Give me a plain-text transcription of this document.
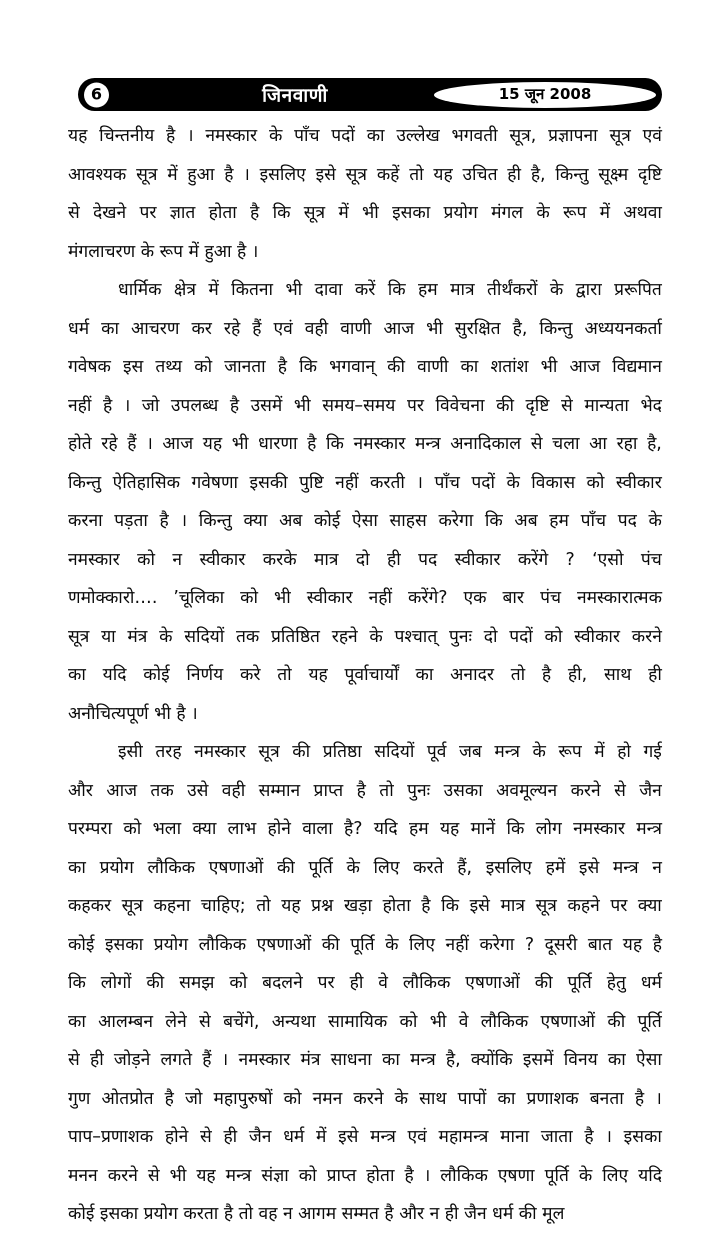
6	जिनवाणी	15 जून 2008
यह चिन्तनीय है । नमस्कार के पाँच पदों का उल्लेख भगवती सूत्र, प्रज्ञापना सूत्र एवं
आवश्यक सूत्र में हुआ है । इसलिए इसे सूत्र कहें तो यह उचित ही है, किन्तु सूक्ष्म दृष्टि
से देखने पर ज्ञात होता है कि सूत्र में भी इसका प्रयोग मंगल के रूप में अथवा
मंगलाचरण के रूप में हुआ है ।
धार्मिक क्षेत्र में कितना भी दावा करें कि हम मात्र तीर्थंकरों के द्वारा प्ररूपित
धर्म का आचरण कर रहे हैं एवं वही वाणी आज भी सुरक्षित है, किन्तु अध्ययनकर्ता
गवेषक इस तथ्य को जानता है कि भगवान् की वाणी का शतांश भी आज विद्यमान
नहीं है । जो उपलब्ध है उसमें भी समय–समय पर विवेचना की दृष्टि से मान्यता भेद
होते रहे हैं । आज यह भी धारणा है कि नमस्कार मन्त्र अनादिकाल से चला आ रहा है,
किन्तु ऐतिहासिक गवेषणा इसकी पुष्टि नहीं करती । पाँच पदों के विकास को स्वीकार
करना पड़ता है । किन्तु क्या अब कोई ऐसा साहस करेगा कि अब हम पाँच पद के
नमस्कार को न स्वीकार करके मात्र दो ही पद स्वीकार करेंगे ? ‘एसो पंच
णमोक्कारो…. ’चूलिका को भी स्वीकार नहीं करेंगे? एक बार पंच नमस्कारात्मक
सूत्र या मंत्र के सदियों तक प्रतिष्ठित रहने के पश्चात् पुनः दो पदों को स्वीकार करने
का यदि कोई निर्णय करे तो यह पूर्वाचार्यों का अनादर तो है ही, साथ ही
अनौचित्यपूर्ण भी है ।
इसी तरह नमस्कार सूत्र की प्रतिष्ठा सदियों पूर्व जब मन्त्र के रूप में हो गई
और आज तक उसे वही सम्मान प्राप्त है तो पुनः उसका अवमूल्यन करने से जैन
परम्परा को भला क्या लाभ होने वाला है? यदि हम यह मानें कि लोग नमस्कार मन्त्र
का प्रयोग लौकिक एषणाओं की पूर्ति के लिए करते हैं, इसलिए हमें इसे मन्त्र न
कहकर सूत्र कहना चाहिए; तो यह प्रश्न खड़ा होता है कि इसे मात्र सूत्र कहने पर क्या
कोई इसका प्रयोग लौकिक एषणाओं की पूर्ति के लिए नहीं करेगा ? दूसरी बात यह है
कि लोगों की समझ को बदलने पर ही वे लौकिक एषणाओं की पूर्ति हेतु धर्म
का आलम्बन लेने से बचेंगे, अन्यथा सामायिक को भी वे लौकिक एषणाओं की पूर्ति
से ही जोड़ने लगते हैं । नमस्कार मंत्र साधना का मन्त्र है, क्योंकि इसमें विनय का ऐसा
गुण ओतप्रोत है जो महापुरुषों को नमन करने के साथ पापों का प्रणाशक बनता है ।
पाप–प्रणाशक होने से ही जैन धर्म में इसे मन्त्र एवं महामन्त्र माना जाता है । इसका
मनन करने से भी यह मन्त्र संज्ञा को प्राप्त होता है । लौकिक एषणा पूर्ति के लिए यदि
कोई इसका प्रयोग करता है तो वह न आगम सम्मत है और न ही जैन धर्म की मूल
